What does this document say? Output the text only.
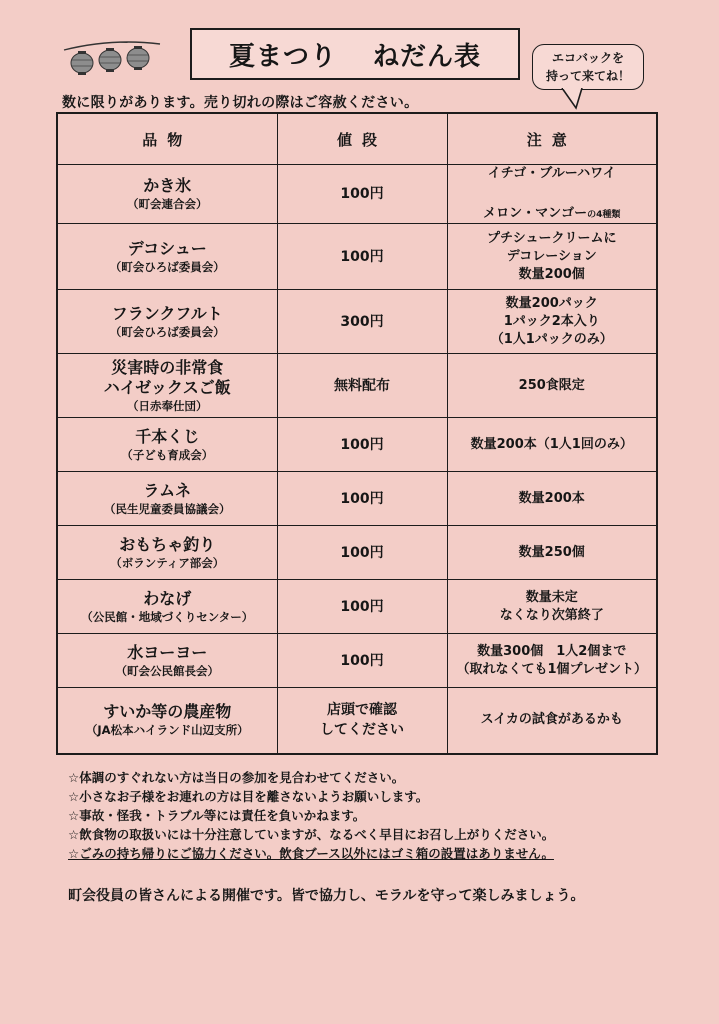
夏まつり ねだん表	エコバックを
持って来てね！
数に限りがあります。売り切れの際はご容赦ください。
品物	値段	注意

かき氷
（町会連合会）	100円	イチゴ・ブルーハワイ

メロン・マンゴーの4種類

デコシュー
（町会ひろば委員会）	100円	プチシュークリームに
デコレーション
数量200個

フランクフルト
（町会ひろば委員会）	300円	数量200パック
1パック2本入り
（1人1パックのみ）

災害時の非常食
ハイゼックスご飯
（日赤奉仕団）	無料配布	250食限定

千本くじ
（子ども育成会）	100円	数量200本（1人1回のみ）

ラムネ
（民生児童委員協議会）	100円	数量200本

おもちゃ釣り
（ボランティア部会）	100円	数量250個

わなげ
（公民館・地域づくりセンター）	100円	数量未定
なくなり次第終了

水ヨーヨー
（町会公民館長会）	100円	数量300個　1人2個まで
（取れなくても1個プレゼント）

すいか等の農産物
（JA松本ハイランド山辺支所）	店頭で確認
してください	スイカの試食があるかも
☆体調のすぐれない方は当日の参加を見合わせてください。
☆小さなお子様をお連れの方は目を離さないようお願いします。
☆事故・怪我・トラブル等には責任を負いかねます。
☆飲食物の取扱いには十分注意していますが、なるべく早目にお召し上がりください。
☆ごみの持ち帰りにご協力ください。飲食ブース以外にはゴミ箱の設置はありません。
町会役員の皆さんによる開催です。皆で協力し、モラルを守って楽しみましょう。
